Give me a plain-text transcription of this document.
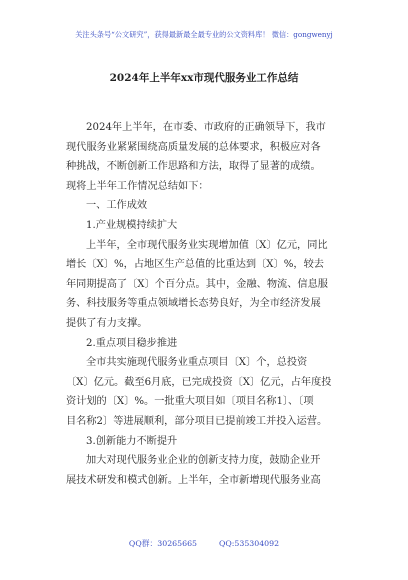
关注头条号“公文研究”，获得最新最全最专业的公文资料库！ 微信：gongwenyj
2024年上半年xx市现代服务业工作总结

2024年上半年，在市委、市政府的正确领导下，我市

现代服务业紧紧围绕高质量发展的总体要求，积极应对各

种挑战，不断创新工作思路和方法，取得了显著的成绩。

现将上半年工作情况总结如下：

一、工作成效

1.产业规模持续扩大

上半年，全市现代服务业实现增加值〔X〕亿元，同比

增长〔X〕%，占地区生产总值的比重达到〔X〕%，较去

年同期提高了〔X〕个百分点。其中，金融、物流、信息服

务、科技服务等重点领域增长态势良好，为全市经济发展

提供了有力支撑。

2.重点项目稳步推进

全市共实施现代服务业重点项目〔X〕个，总投资

〔X〕亿元。截至6月底，已完成投资〔X〕亿元，占年度投

资计划的〔X〕%。一批重大项目如〔项目名称1〕、〔项

目名称2〕等进展顺利，部分项目已提前竣工并投入运营。

3.创新能力不断提升

加大对现代服务业企业的创新支持力度，鼓励企业开

展技术研发和模式创新。上半年，全市新增现代服务业高

QQ群：30265665	QQ:535304092
